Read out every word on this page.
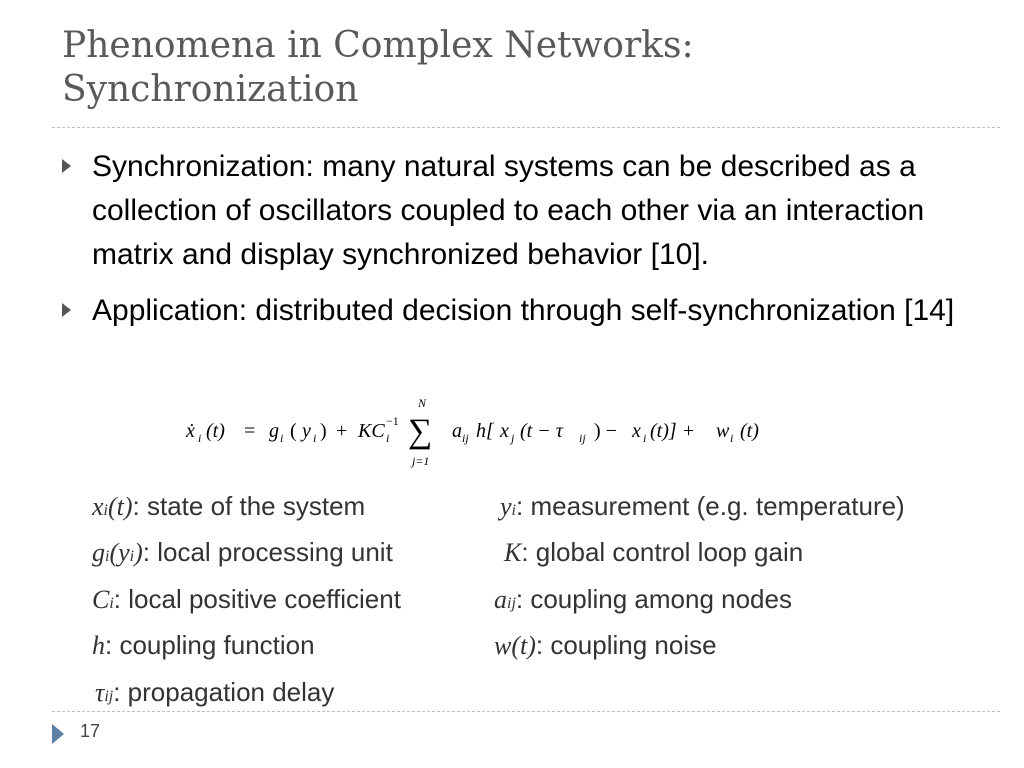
Phenomena in Complex Networks:
Synchronization
Synchronization: many natural systems can be described as a collection of oscillators coupled to each other via an interaction matrix and display synchronized behavior [10].
Application: distributed decision through self-synchronization [14]
ẋ i (t) = g i ( y i ) + KC i
−1
N
∑
j=1
a ij h[ x j (t − τ ij ) − x i (t)] + w i (t)
xi(t): state of the system	yi: measurement (e.g. temperature)
gi(yi): local processing unit	K: global control loop gain
Ci: local positive coefficient	aij: coupling among nodes
h: coupling function	w(t): coupling noise
τij: propagation delay
17
